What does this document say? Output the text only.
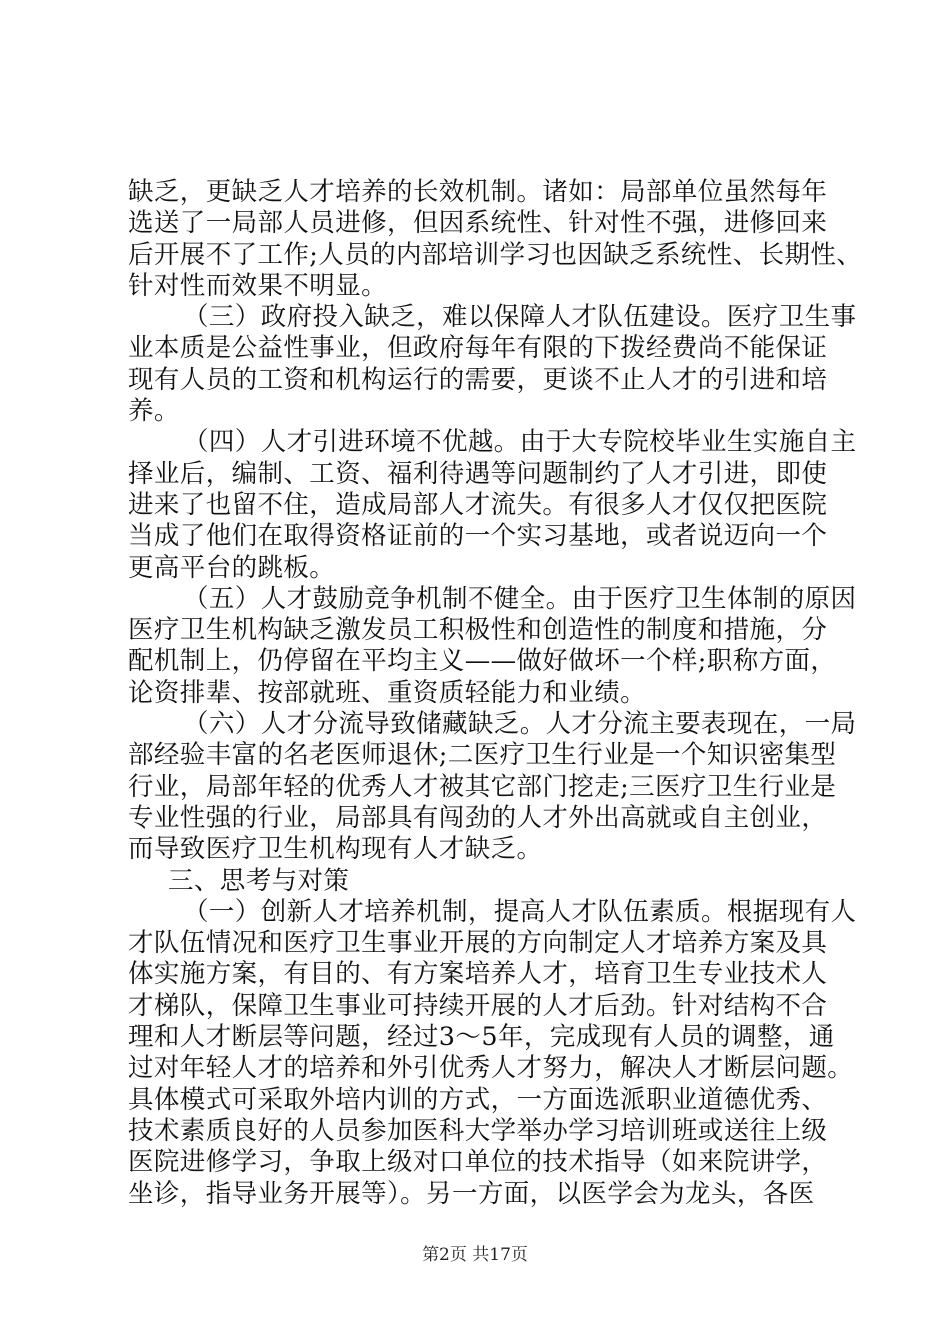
缺乏，更缺乏人才培养的长效机制。诸如：局部单位虽然每年
选送了一局部人员进修，但因系统性、针对性不强，进修回来
后开展不了工作;人员的内部培训学习也因缺乏系统性、长期性、
针对性而效果不明显。
（三）政府投入缺乏，难以保障人才队伍建设。医疗卫生事
业本质是公益性事业，但政府每年有限的下拨经费尚不能保证
现有人员的工资和机构运行的需要，更谈不止人才的引进和培
养。
（四）人才引进环境不优越。由于大专院校毕业生实施自主
择业后，编制、工资、福利待遇等问题制约了人才引进，即使
进来了也留不住，造成局部人才流失。有很多人才仅仅把医院
当成了他们在取得资格证前的一个实习基地，或者说迈向一个
更高平台的跳板。
（五）人才鼓励竞争机制不健全。由于医疗卫生体制的原因
医疗卫生机构缺乏激发员工积极性和创造性的制度和措施，分
配机制上，仍停留在平均主义——做好做坏一个样;职称方面，
论资排辈、按部就班、重资质轻能力和业绩。
（六）人才分流导致储藏缺乏。人才分流主要表现在，一局
部经验丰富的名老医师退休;二医疗卫生行业是一个知识密集型
行业，局部年轻的优秀人才被其它部门挖走;三医疗卫生行业是
专业性强的行业，局部具有闯劲的人才外出高就或自主创业，
而导致医疗卫生机构现有人才缺乏。
三、思考与对策
（一）创新人才培养机制，提高人才队伍素质。根据现有人
才队伍情况和医疗卫生事业开展的方向制定人才培养方案及具
体实施方案，有目的、有方案培养人才，培育卫生专业技术人
才梯队，保障卫生事业可持续开展的人才后劲。针对结构不合
理和人才断层等问题，经过3～5年，完成现有人员的调整，通
过对年轻人才的培养和外引优秀人才努力，解决人才断层问题。
具体模式可采取外培内训的方式，一方面选派职业道德优秀、
技术素质良好的人员参加医科大学举办学习培训班或送往上级
医院进修学习，争取上级对口单位的技术指导（如来院讲学，
坐诊，指导业务开展等）。另一方面，以医学会为龙头，各医
第2页 共17页
